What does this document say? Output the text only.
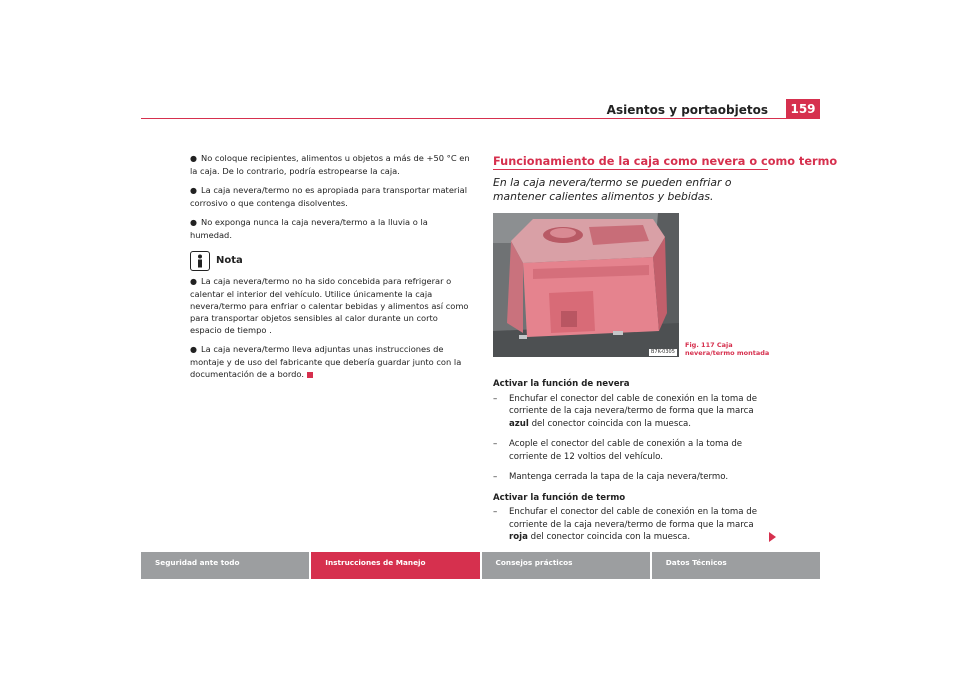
Asientos y portaobjetos	159

● No coloque recipientes, alimentos u objetos a más de +50 °C en la caja. De lo contrario, podría estropearse la caja.

● La caja nevera/termo no es apropiada para transportar material corrosivo o que contenga disolventes.

● No exponga nunca la caja nevera/termo a la lluvia o la humedad.

Nota

● La caja nevera/termo no ha sido concebida para refrigerar o calentar el interior del vehículo. Utilice únicamente la caja nevera/termo para enfriar o calentar bebidas y alimentos así como para transportar objetos sensibles al calor durante un corto espacio de tiempo .

● La caja nevera/termo lleva adjuntas unas instrucciones de montaje y de uso del fabricante que debería guardar junto con la documentación de a bordo.

Funcionamiento de la caja como nevera o como termo
En la caja nevera/termo se pueden enfriar o mantener calientes alimentos y bebidas.
B7K-0305
Fig. 117 Caja
nevera/termo montada
Activar la función de nevera
– Enchufar el conector del cable de conexión en la toma de corriente de la caja nevera/termo de forma que la marca azul del conector coincida con la muesca.
– Acople el conector del cable de conexión a la toma de corriente de 12 voltios del vehículo.
– Mantenga cerrada la tapa de la caja nevera/termo.
Activar la función de termo
– Enchufar el conector del cable de conexión en la toma de corriente de la caja nevera/termo de forma que la marca roja del conector coincida con la muesca.
Seguridad ante todo	Instrucciones de Manejo	Consejos prácticos	Datos Técnicos
